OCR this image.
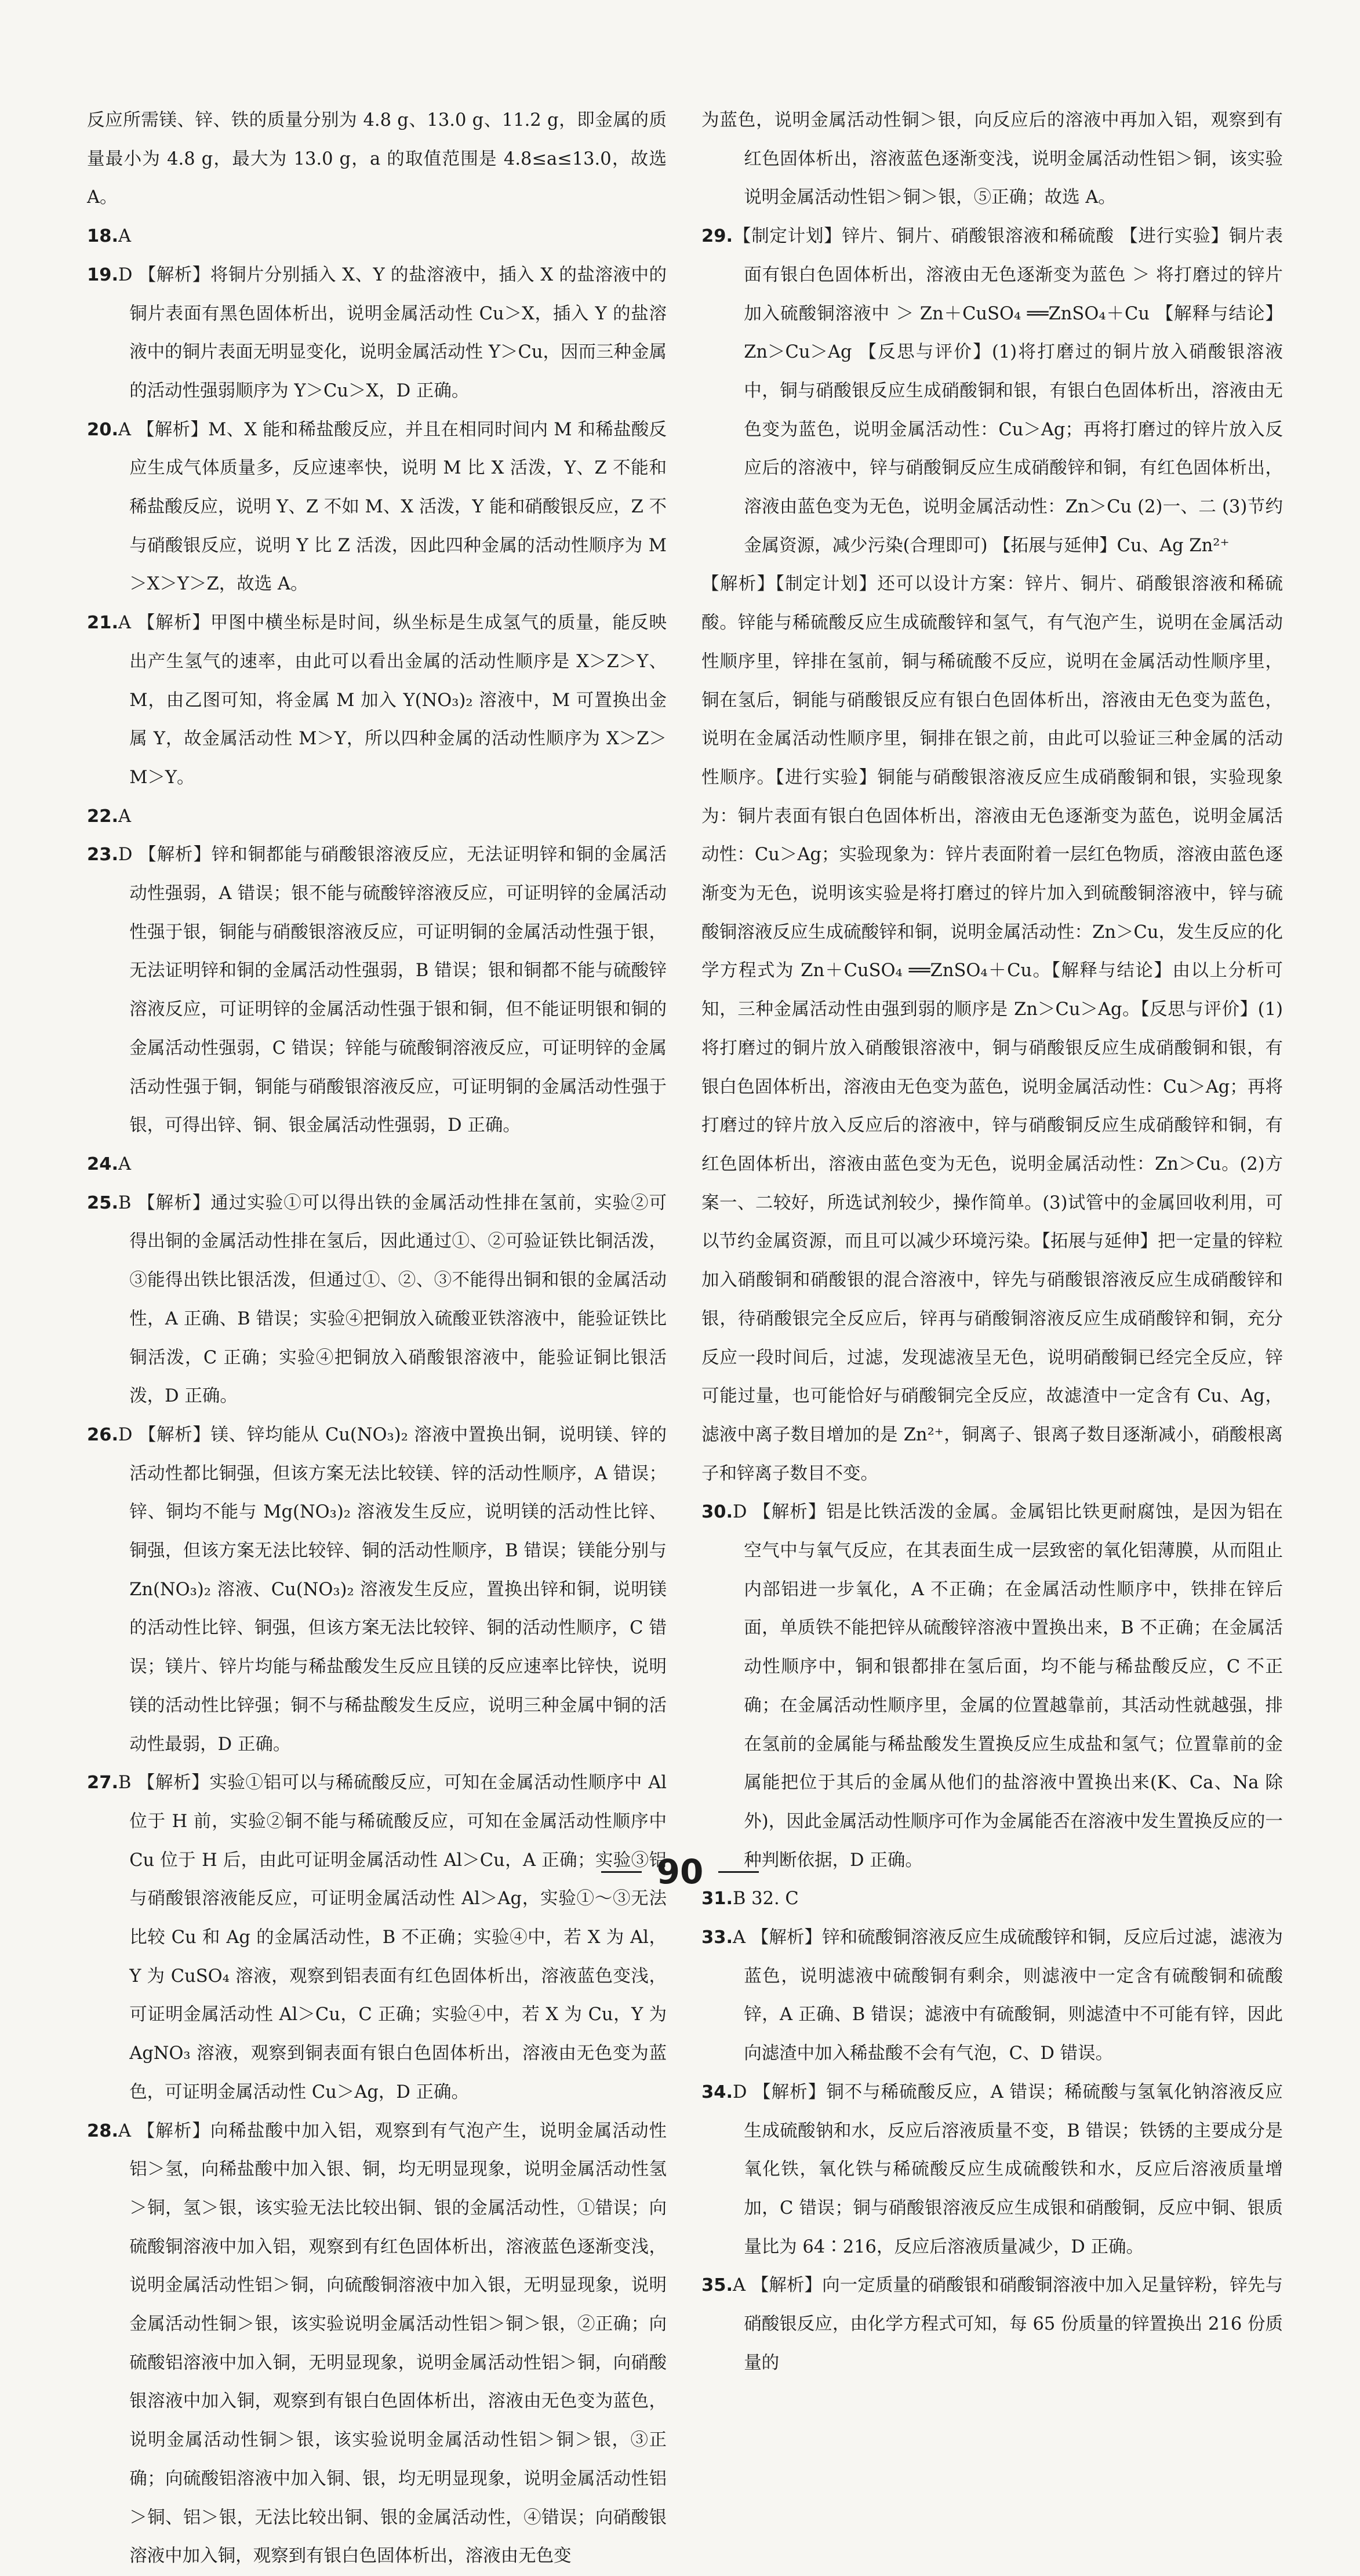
反应所需镁、锌、铁的质量分别为 4.8 g、13.0 g、11.2 g，即金属的质量最小为 4.8 g，最大为 13.0 g，a 的取值范围是 4.8≤a≤13.0，故选 A。

18.A

19.D 【解析】将铜片分别插入 X、Y 的盐溶液中，插入 X 的盐溶液中的铜片表面有黑色固体析出，说明金属活动性 Cu＞X，插入 Y 的盐溶液中的铜片表面无明显变化，说明金属活动性 Y＞Cu，因而三种金属的活动性强弱顺序为 Y＞Cu＞X，D 正确。

20.A 【解析】M、X 能和稀盐酸反应，并且在相同时间内 M 和稀盐酸反应生成气体质量多，反应速率快，说明 M 比 X 活泼，Y、Z 不能和稀盐酸反应，说明 Y、Z 不如 M、X 活泼，Y 能和硝酸银反应，Z 不与硝酸银反应，说明 Y 比 Z 活泼，因此四种金属的活动性顺序为 M＞X＞Y＞Z，故选 A。

21.A 【解析】甲图中横坐标是时间，纵坐标是生成氢气的质量，能反映出产生氢气的速率，由此可以看出金属的活动性顺序是 X＞Z＞Y、M，由乙图可知，将金属 M 加入 Y(NO₃)₂ 溶液中，M 可置换出金属 Y，故金属活动性 M＞Y，所以四种金属的活动性顺序为 X＞Z＞M＞Y。

22.A

23.D 【解析】锌和铜都能与硝酸银溶液反应，无法证明锌和铜的金属活动性强弱，A 错误；银不能与硫酸锌溶液反应，可证明锌的金属活动性强于银，铜能与硝酸银溶液反应，可证明铜的金属活动性强于银，无法证明锌和铜的金属活动性强弱，B 错误；银和铜都不能与硫酸锌溶液反应，可证明锌的金属活动性强于银和铜，但不能证明银和铜的金属活动性强弱，C 错误；锌能与硫酸铜溶液反应，可证明锌的金属活动性强于铜，铜能与硝酸银溶液反应，可证明铜的金属活动性强于银，可得出锌、铜、银金属活动性强弱，D 正确。

24.A

25.B 【解析】通过实验①可以得出铁的金属活动性排在氢前，实验②可得出铜的金属活动性排在氢后，因此通过①、②可验证铁比铜活泼，③能得出铁比银活泼，但通过①、②、③不能得出铜和银的金属活动性，A 正确、B 错误；实验④把铜放入硫酸亚铁溶液中，能验证铁比铜活泼，C 正确；实验④把铜放入硝酸银溶液中，能验证铜比银活泼，D 正确。

26.D 【解析】镁、锌均能从 Cu(NO₃)₂ 溶液中置换出铜，说明镁、锌的活动性都比铜强，但该方案无法比较镁、锌的活动性顺序，A 错误；锌、铜均不能与 Mg(NO₃)₂ 溶液发生反应，说明镁的活动性比锌、铜强，但该方案无法比较锌、铜的活动性顺序，B 错误；镁能分别与 Zn(NO₃)₂ 溶液、Cu(NO₃)₂ 溶液发生反应，置换出锌和铜，说明镁的活动性比锌、铜强，但该方案无法比较锌、铜的活动性顺序，C 错误；镁片、锌片均能与稀盐酸发生反应且镁的反应速率比锌快，说明镁的活动性比锌强；铜不与稀盐酸发生反应，说明三种金属中铜的活动性最弱，D 正确。

27.B 【解析】实验①铝可以与稀硫酸反应，可知在金属活动性顺序中 Al 位于 H 前，实验②铜不能与稀硫酸反应，可知在金属活动性顺序中 Cu 位于 H 后，由此可证明金属活动性 Al＞Cu，A 正确；实验③铝与硝酸银溶液能反应，可证明金属活动性 Al＞Ag，实验①～③无法比较 Cu 和 Ag 的金属活动性，B 不正确；实验④中，若 X 为 Al，Y 为 CuSO₄ 溶液，观察到铝表面有红色固体析出，溶液蓝色变浅，可证明金属活动性 Al＞Cu，C 正确；实验④中，若 X 为 Cu，Y 为 AgNO₃ 溶液，观察到铜表面有银白色固体析出，溶液由无色变为蓝色，可证明金属活动性 Cu＞Ag，D 正确。

28.A 【解析】向稀盐酸中加入铝，观察到有气泡产生，说明金属活动性铝＞氢，向稀盐酸中加入银、铜，均无明显现象，说明金属活动性氢＞铜，氢＞银，该实验无法比较出铜、银的金属活动性，①错误；向硫酸铜溶液中加入铝，观察到有红色固体析出，溶液蓝色逐渐变浅，说明金属活动性铝＞铜，向硫酸铜溶液中加入银，无明显现象，说明金属活动性铜＞银，该实验说明金属活动性铝＞铜＞银，②正确；向硫酸铝溶液中加入铜，无明显现象，说明金属活动性铝＞铜，向硝酸银溶液中加入铜，观察到有银白色固体析出，溶液由无色变为蓝色，说明金属活动性铜＞银，该实验说明金属活动性铝＞铜＞银，③正确；向硫酸铝溶液中加入铜、银，均无明显现象，说明金属活动性铝＞铜、铝＞银，无法比较出铜、银的金属活动性，④错误；向硝酸银溶液中加入铜，观察到有银白色固体析出，溶液由无色变

为蓝色，说明金属活动性铜＞银，向反应后的溶液中再加入铝，观察到有红色固体析出，溶液蓝色逐渐变浅，说明金属活动性铝＞铜，该实验说明金属活动性铝＞铜＞银，⑤正确；故选 A。

29.【制定计划】锌片、铜片、硝酸银溶液和稀硫酸 【进行实验】铜片表面有银白色固体析出，溶液由无色逐渐变为蓝色 ＞ 将打磨过的锌片加入硫酸铜溶液中 ＞ Zn＋CuSO₄ ══ZnSO₄＋Cu 【解释与结论】Zn＞Cu＞Ag 【反思与评价】(1)将打磨过的铜片放入硝酸银溶液中，铜与硝酸银反应生成硝酸铜和银，有银白色固体析出，溶液由无色变为蓝色，说明金属活动性：Cu＞Ag；再将打磨过的锌片放入反应后的溶液中，锌与硝酸铜反应生成硝酸锌和铜，有红色固体析出，溶液由蓝色变为无色，说明金属活动性：Zn＞Cu (2)一、二 (3)节约金属资源，减少污染(合理即可) 【拓展与延伸】Cu、Ag Zn²⁺

【解析】【制定计划】还可以设计方案：锌片、铜片、硝酸银溶液和稀硫酸。锌能与稀硫酸反应生成硫酸锌和氢气，有气泡产生，说明在金属活动性顺序里，锌排在氢前，铜与稀硫酸不反应，说明在金属活动性顺序里，铜在氢后，铜能与硝酸银反应有银白色固体析出，溶液由无色变为蓝色，说明在金属活动性顺序里，铜排在银之前，由此可以验证三种金属的活动性顺序。【进行实验】铜能与硝酸银溶液反应生成硝酸铜和银，实验现象为：铜片表面有银白色固体析出，溶液由无色逐渐变为蓝色，说明金属活动性：Cu＞Ag；实验现象为：锌片表面附着一层红色物质，溶液由蓝色逐渐变为无色，说明该实验是将打磨过的锌片加入到硫酸铜溶液中，锌与硫酸铜溶液反应生成硫酸锌和铜，说明金属活动性：Zn＞Cu，发生反应的化学方程式为 Zn＋CuSO₄ ══ZnSO₄＋Cu。【解释与结论】由以上分析可知，三种金属活动性由强到弱的顺序是 Zn＞Cu＞Ag。【反思与评价】(1)将打磨过的铜片放入硝酸银溶液中，铜与硝酸银反应生成硝酸铜和银，有银白色固体析出，溶液由无色变为蓝色，说明金属活动性：Cu＞Ag；再将打磨过的锌片放入反应后的溶液中，锌与硝酸铜反应生成硝酸锌和铜，有红色固体析出，溶液由蓝色变为无色，说明金属活动性：Zn＞Cu。(2)方案一、二较好，所选试剂较少，操作简单。(3)试管中的金属回收利用，可以节约金属资源，而且可以减少环境污染。【拓展与延伸】把一定量的锌粒加入硝酸铜和硝酸银的混合溶液中，锌先与硝酸银溶液反应生成硝酸锌和银，待硝酸银完全反应后，锌再与硝酸铜溶液反应生成硝酸锌和铜，充分反应一段时间后，过滤，发现滤液呈无色，说明硝酸铜已经完全反应，锌可能过量，也可能恰好与硝酸铜完全反应，故滤渣中一定含有 Cu、Ag，滤液中离子数目增加的是 Zn²⁺，铜离子、银离子数目逐渐减小，硝酸根离子和锌离子数目不变。

30.D 【解析】铝是比铁活泼的金属。金属铝比铁更耐腐蚀，是因为铝在空气中与氧气反应，在其表面生成一层致密的氧化铝薄膜，从而阻止内部铝进一步氧化，A 不正确；在金属活动性顺序中，铁排在锌后面，单质铁不能把锌从硫酸锌溶液中置换出来，B 不正确；在金属活动性顺序中，铜和银都排在氢后面，均不能与稀盐酸反应，C 不正确；在金属活动性顺序里，金属的位置越靠前，其活动性就越强，排在氢前的金属能与稀盐酸发生置换反应生成盐和氢气；位置靠前的金属能把位于其后的金属从他们的盐溶液中置换出来(K、Ca、Na 除外)，因此金属活动性顺序可作为金属能否在溶液中发生置换反应的一种判断依据，D 正确。

31.B 32. C

33.A 【解析】锌和硫酸铜溶液反应生成硫酸锌和铜，反应后过滤，滤液为蓝色，说明滤液中硫酸铜有剩余，则滤液中一定含有硫酸铜和硫酸锌，A 正确、B 错误；滤液中有硫酸铜，则滤渣中不可能有锌，因此向滤渣中加入稀盐酸不会有气泡，C、D 错误。

34.D 【解析】铜不与稀硫酸反应，A 错误；稀硫酸与氢氧化钠溶液反应生成硫酸钠和水，反应后溶液质量不变，B 错误；铁锈的主要成分是氧化铁，氧化铁与稀硫酸反应生成硫酸铁和水，反应后溶液质量增加，C 错误；铜与硝酸银溶液反应生成银和硝酸铜，反应中铜、银质量比为 64∶216，反应后溶液质量减少，D 正确。

35.A 【解析】向一定质量的硝酸银和硝酸铜溶液中加入足量锌粉，锌先与硝酸银反应，由化学方程式可知，每 65 份质量的锌置换出 216 份质量的

90
